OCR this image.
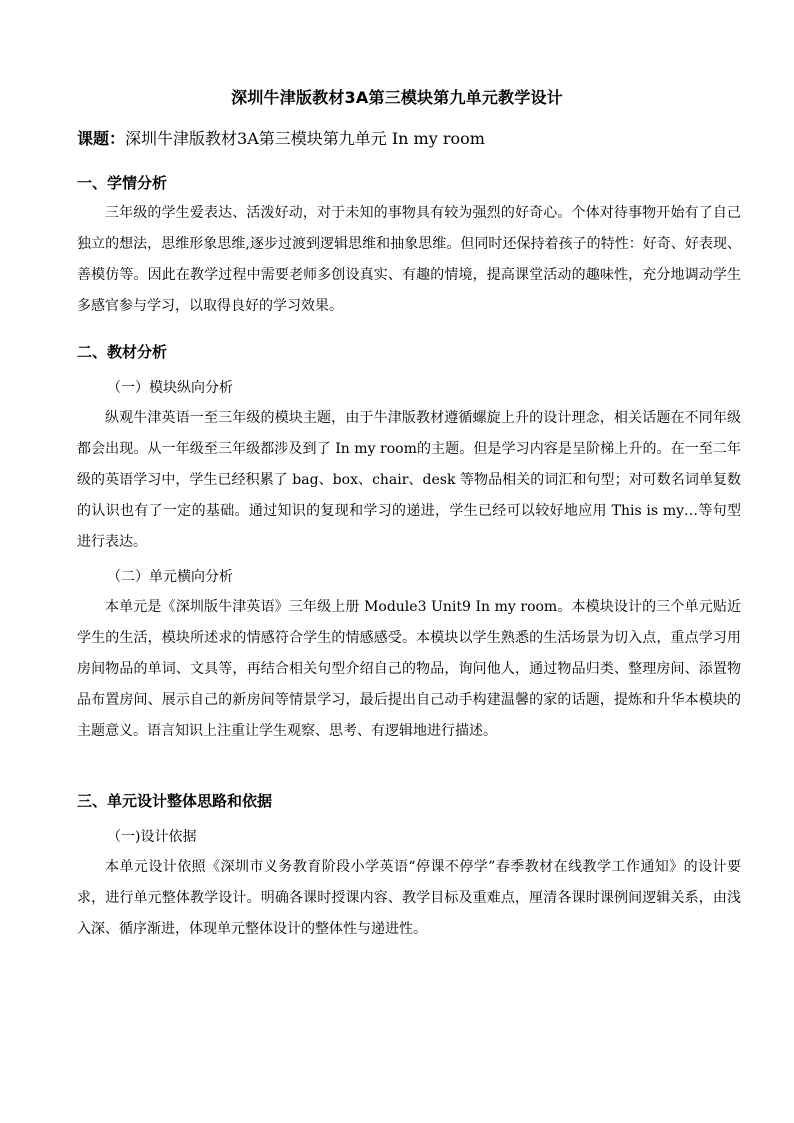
深圳牛津版教材3A第三模块第九单元教学设计
课题：深圳牛津版教材3A第三模块第九单元 In my room
一、学情分析
三年级的学生爱表达、活泼好动，对于未知的事物具有较为强烈的好奇心。个体对待事物开始有了自己独立的想法，思维形象思维,逐步过渡到逻辑思维和抽象思维。但同时还保持着孩子的特性：好奇、好表现、善模仿等。因此在教学过程中需要老师多创设真实、有趣的情境，提高课堂活动的趣味性，充分地调动学生多感官参与学习，以取得良好的学习效果。
二、教材分析
（一）模块纵向分析
纵观牛津英语一至三年级的模块主题，由于牛津版教材遵循螺旋上升的设计理念，相关话题在不同年级都会出现。从一年级至三年级都涉及到了 In my room的主题。但是学习内容是呈阶梯上升的。在一至二年级的英语学习中，学生已经积累了 bag、box、chair、desk 等物品相关的词汇和句型；对可数名词单复数的认识也有了一定的基础。通过知识的复现和学习的递进，学生已经可以较好地应用 This is my…等句型进行表达。
（二）单元横向分析
本单元是《深圳版牛津英语》三年级上册 Module3 Unit9 In my room。本模块设计的三个单元贴近学生的生活，模块所述求的情感符合学生的情感感受。本模块以学生熟悉的生活场景为切入点，重点学习用房间物品的单词、文具等，再结合相关句型介绍自己的物品，询问他人，通过物品归类、整理房间、添置物品布置房间、展示自己的新房间等情景学习，最后提出自己动手构建温馨的家的话题，提炼和升华本模块的主题意义。语言知识上注重让学生观察、思考、有逻辑地进行描述。
三、单元设计整体思路和依据
（一)设计依据
本单元设计依照《深圳市义务教育阶段小学英语“停课不停学”春季教材在线教学工作通知》的设计要求，进行单元整体教学设计。明确各课时授课内容、教学目标及重难点，厘清各课时课例间逻辑关系，由浅入深、循序渐进，体现单元整体设计的整体性与递进性。
